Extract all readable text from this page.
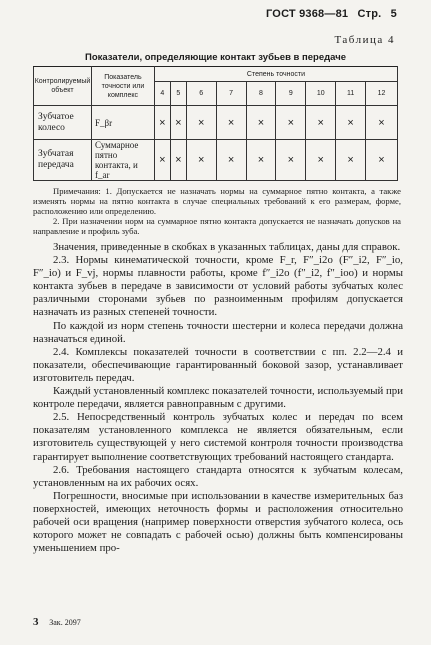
ГОСТ 9368—81 Стр. 5
Таблица 4
Показатели, определяющие контакт зубьев в передаче
Контролируемый объект	Показатель точности или комплекс	Степень точности								
		4	5	6	7	8	9	10	11	12
Зубчатое колесо	F_βr	×	×	×	×	×	×	×	×	×
Зубчатая передача	Суммарное пятно контакта, и f_ar	×	×	×	×	×	×	×	×	×

Примечания: 1. Допускается не назначать нормы на суммарное пятно контакта, а также изменять нормы на пятно контакта в случае специальных требований к его размерам, форме, расположению или определению.

2. При назначении норм на суммарное пятно контакта допускается не назначать допусков на направление и профиль зуба.

Значения, приведенные в скобках в указанных таблицах, даны для справок.

2.3. Нормы кинематической точности, кроме F_r, F″_i2o (F″_i2, F″_io, F″_io) и F_vj, нормы плавности работы, кроме f″_i2o (f″_i2, f″_ioo) и нормы контакта зубьев в передаче в зависимости от условий работы зубчатых колес различными сторонами зубьев по разноименным профилям допускается назначать из разных степеней точности.

По каждой из норм степень точности шестерни и колеса передачи должна назначаться единой.

2.4. Комплексы показателей точности в соответствии с пп. 2.2—2.4 и показатели, обеспечивающие гарантированный боковой зазор, устанавливает изготовитель передач.

Каждый установленный комплекс показателей точности, используемый при контроле передачи, является равноправным с другими.

2.5. Непосредственный контроль зубчатых колес и передач по всем показателям установленного комплекса не является обязательным, если изготовитель существующей у него системой контроля точности производства гарантирует выполнение соответствующих требований настоящего стандарта.

2.6. Требования настоящего стандарта относятся к зубчатым колесам, установленным на их рабочих осях.

Погрешности, вносимые при использовании в качестве измерительных баз поверхностей, имеющих неточность формы и расположения относительно рабочей оси вращения (например поверхности отверстия зубчатого колеса, ось которого может не совпадать с рабочей осью) должны быть компенсированы уменьшением про-

3 Зак. 2097
